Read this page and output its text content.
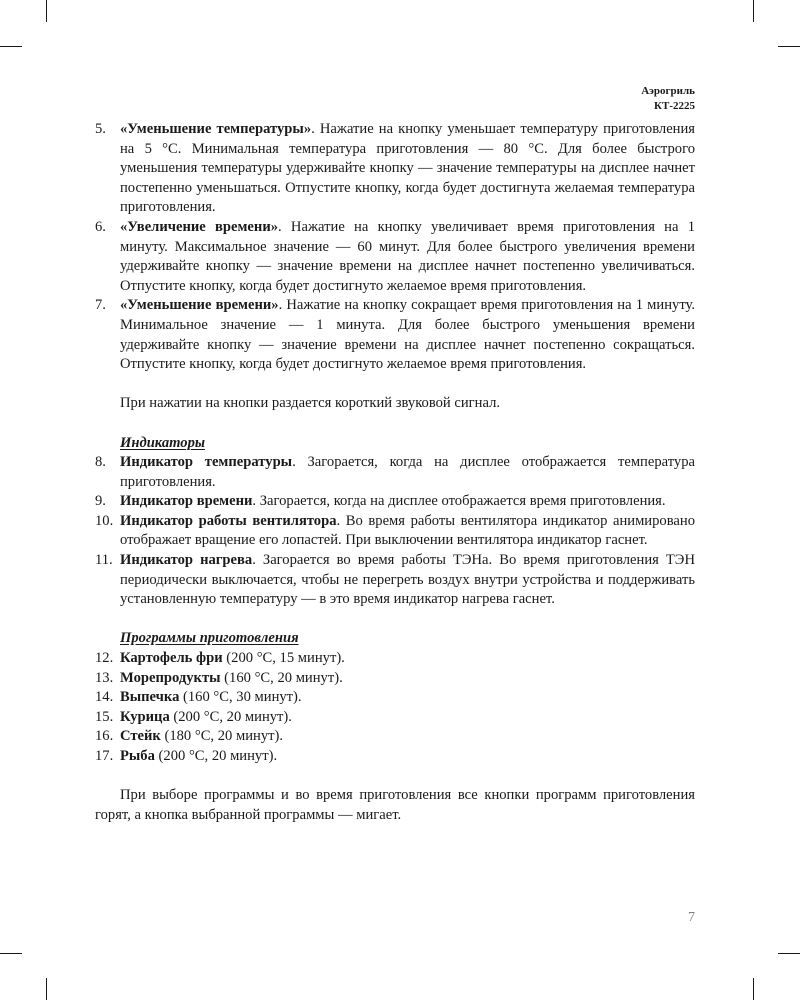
Аэрогриль
КТ-2225
5. «Уменьшение температуры». Нажатие на кнопку уменьшает температуру приготовления на 5 °С. Минимальная температура приготовления — 80 °С. Для более быстрого уменьшения температуры удерживайте кнопку — значение температуры на дисплее начнет постепенно уменьшаться. Отпустите кнопку, когда будет достигнута желаемая температура приготовления.
6. «Увеличение времени». Нажатие на кнопку увеличивает время приготовления на 1 минуту. Максимальное значение — 60 минут. Для более быстрого увеличения времени удерживайте кнопку — значение времени на дисплее начнет постепенно увеличиваться. Отпустите кнопку, когда будет достигнуто желаемое время приготовления.
7. «Уменьшение времени». Нажатие на кнопку сокращает время приготовления на 1 минуту. Минимальное значение — 1 минута. Для более быстрого уменьшения времени удерживайте кнопку — значение времени на дисплее начнет постепенно сокращаться. Отпустите кнопку, когда будет достигнуто желаемое время приготовления.

При нажатии на кнопки раздается короткий звуковой сигнал.

Индикаторы
8. Индикатор температуры. Загорается, когда на дисплее отображается температура приготовления.
9. Индикатор времени. Загорается, когда на дисплее отображается время приготовления.
10. Индикатор работы вентилятора. Во время работы вентилятора индикатор анимировано отображает вращение его лопастей. При выключении вентилятора индикатор гаснет.
11. Индикатор нагрева. Загорается во время работы ТЭНа. Во время приготовления ТЭН периодически выключается, чтобы не перегреть воздух внутри устройства и поддерживать установленную температуру — в это время индикатор нагрева гаснет.
Программы приготовления
12. Картофель фри (200 °С, 15 минут).
13. Морепродукты (160 °С, 20 минут).
14. Выпечка (160 °С, 30 минут).
15. Курица (200 °С, 20 минут).
16. Стейк (180 °С, 20 минут).
17. Рыба (200 °С, 20 минут).

При выборе программы и во время приготовления все кнопки программ приготовления горят, а кнопка выбранной программы — мигает.

7
